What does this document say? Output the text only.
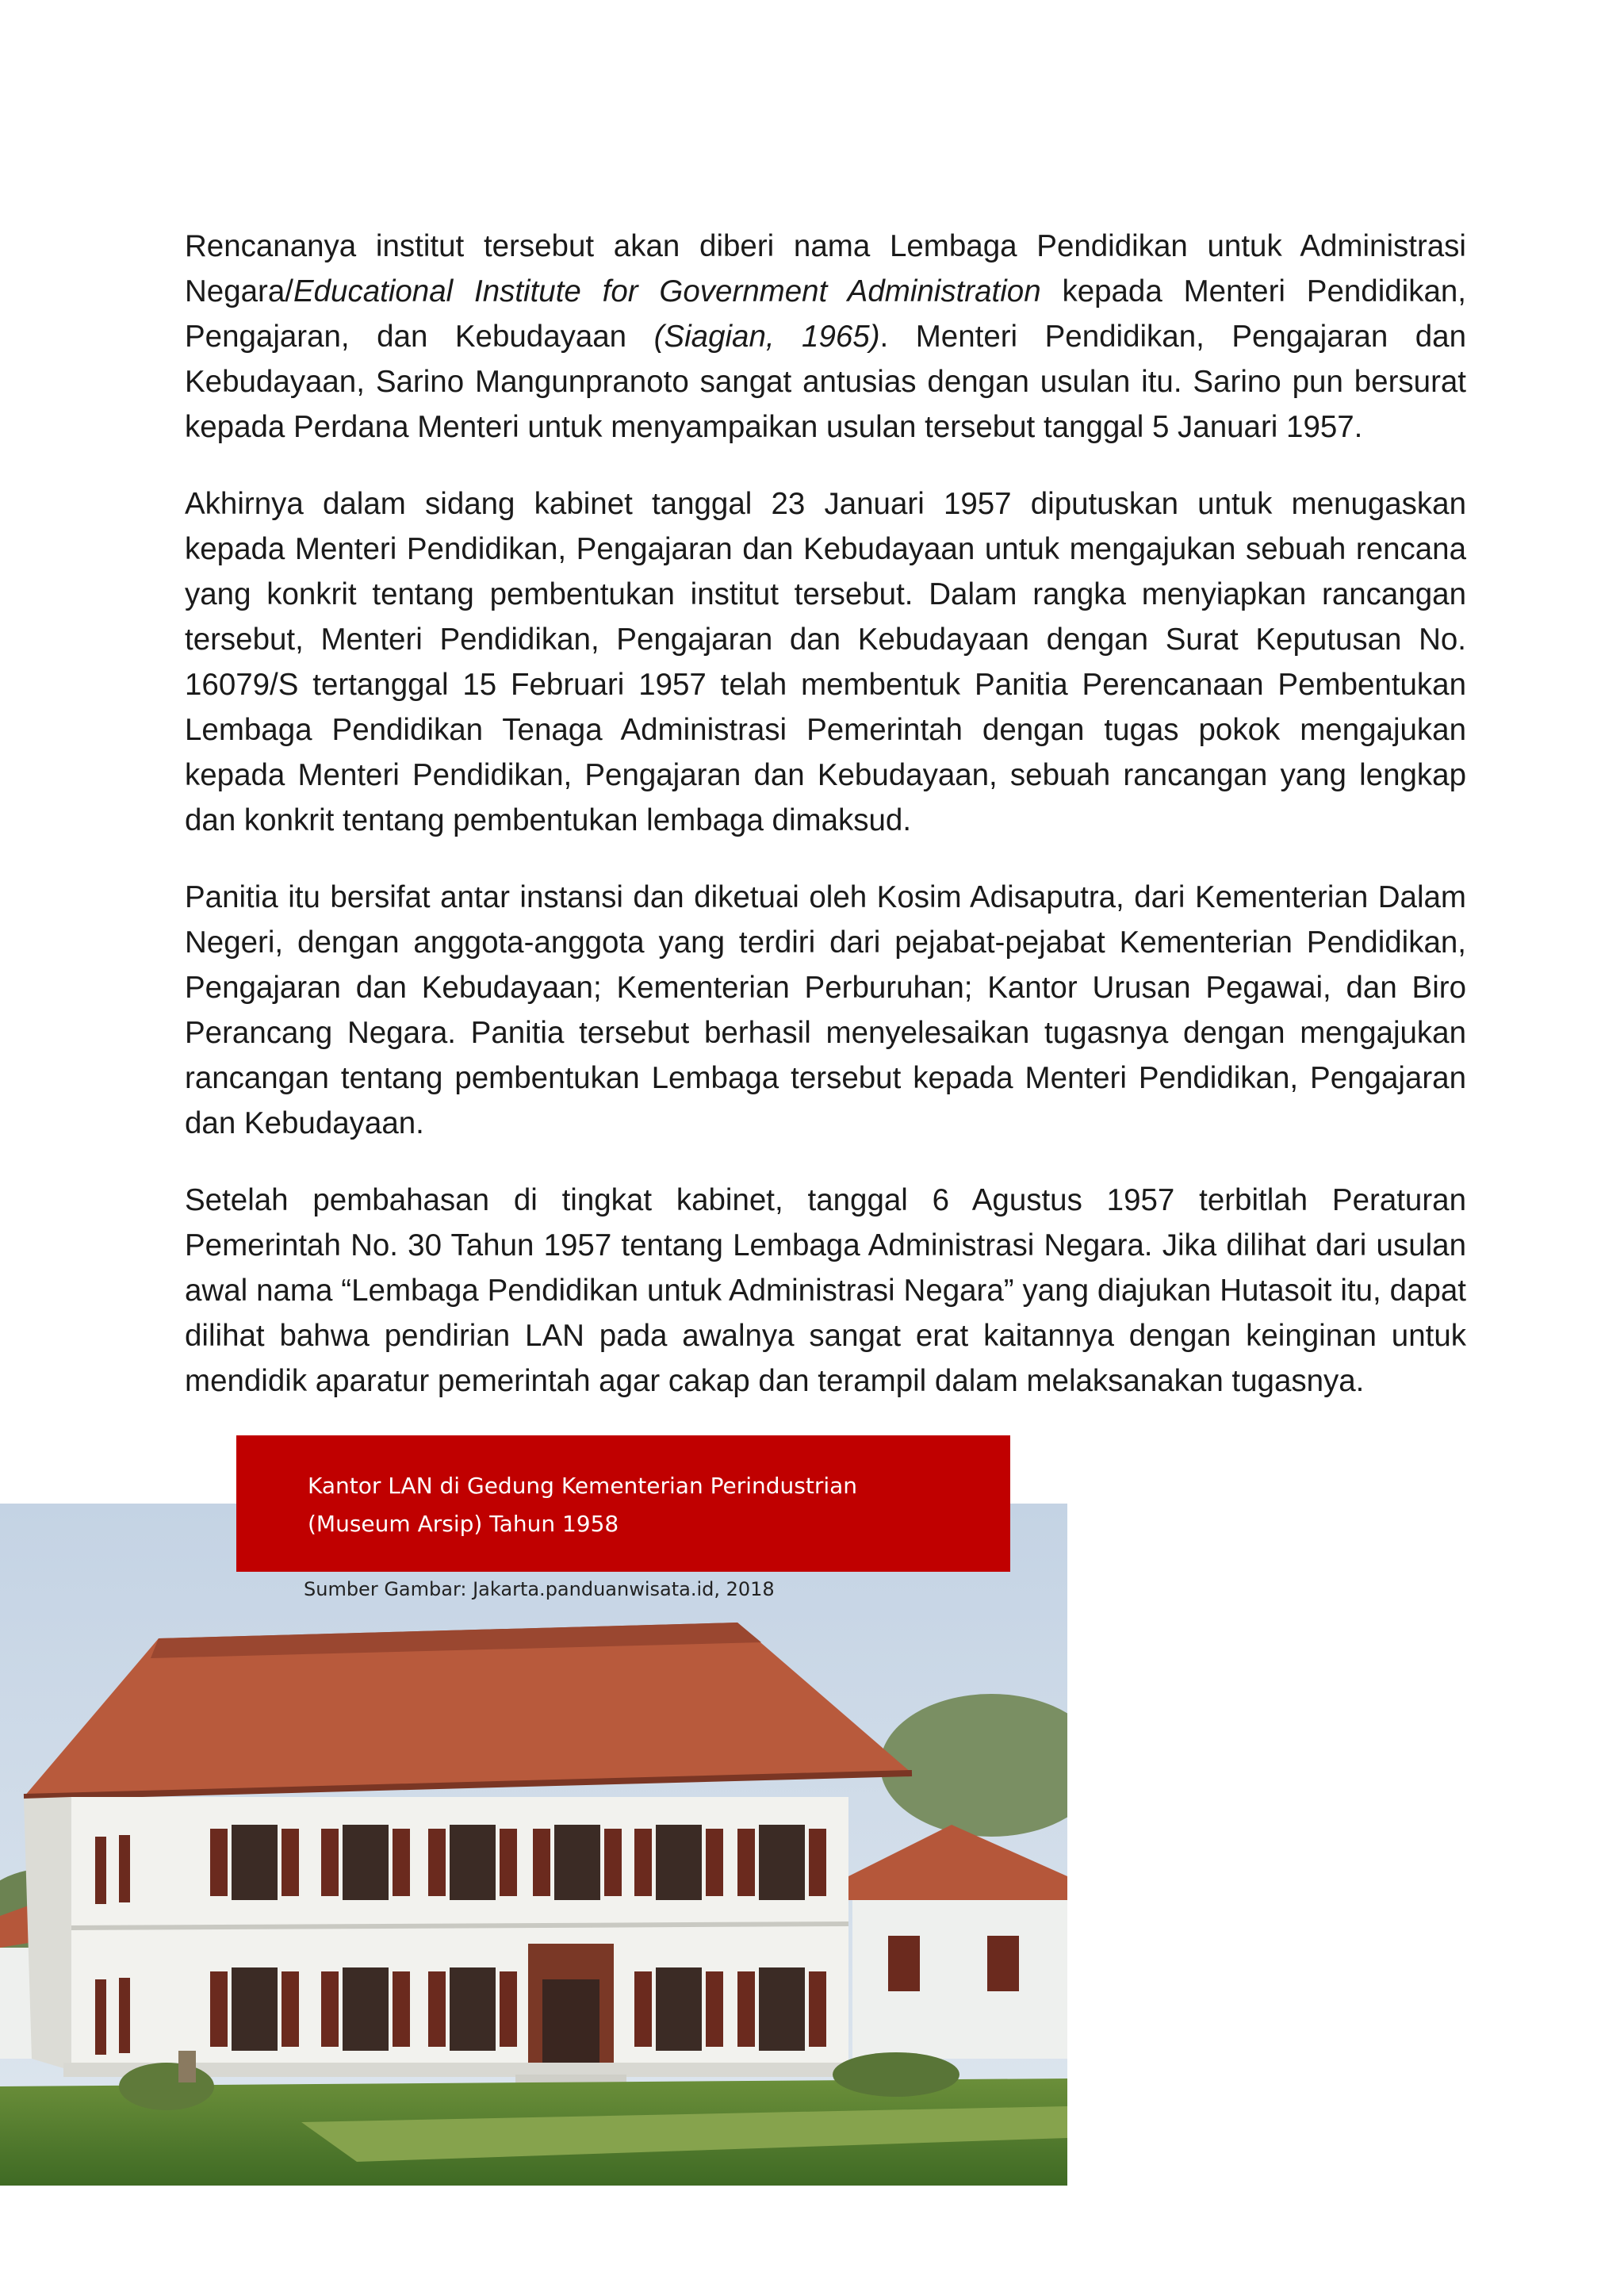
Rencananya institut tersebut akan diberi nama Lembaga Pendidikan untuk Administrasi Negara/Educational Institute for Government Administration kepada Menteri Pendidikan, Pengajaran, dan Kebudayaan (Siagian, 1965). Menteri Pendidikan, Pengajaran dan Kebudayaan, Sarino Mangunpranoto sangat antusias dengan usulan itu. Sarino pun bersurat kepada Perdana Menteri untuk menyampaikan usulan tersebut tanggal 5 Januari 1957.

Akhirnya dalam sidang kabinet tanggal 23 Januari 1957 diputuskan untuk menugaskan kepada Menteri Pendidikan, Pengajaran dan Kebudayaan untuk mengajukan sebuah rencana yang konkrit tentang pembentukan institut tersebut. Dalam rangka menyiapkan rancangan tersebut, Menteri Pendidikan, Pengajaran dan Kebudayaan dengan Surat Keputusan No. 16079/S tertanggal 15 Februari 1957 telah membentuk Panitia Perencanaan Pembentukan Lembaga Pendidikan Tenaga Administrasi Pemerintah dengan tugas pokok mengajukan kepada Menteri Pendidikan, Pengajaran dan Kebudayaan, sebuah rancangan yang lengkap dan konkrit tentang pembentukan lembaga dimaksud.

Panitia itu bersifat antar instansi dan diketuai oleh Kosim Adisaputra, dari Kementerian Dalam Negeri, dengan anggota-anggota yang terdiri dari pejabat-pejabat Kementerian Pendidikan, Pengajaran dan Kebudayaan; Kementerian Perburuhan; Kantor Urusan Pegawai, dan Biro Perancang Negara. Panitia tersebut berhasil menyelesaikan tugasnya dengan mengajukan rancangan tentang pembentukan Lembaga tersebut kepada Menteri Pendidikan, Pengajaran dan Kebudayaan.

Setelah pembahasan di tingkat kabinet, tanggal 6 Agustus 1957 terbitlah Peraturan Pemerintah No. 30 Tahun 1957 tentang Lembaga Administrasi Negara. Jika dilihat dari usulan awal nama “Lembaga Pendidikan untuk Administrasi Negara” yang diajukan Hutasoit itu, dapat dilihat bahwa pendirian LAN pada awalnya sangat erat kaitannya dengan keinginan untuk mendidik aparatur pemerintah agar cakap dan terampil dalam melaksanakan tugasnya.

Kantor LAN di Gedung Kementerian Perindustrian
(Museum Arsip) Tahun 1958
Sumber Gambar: Jakarta.panduanwisata.id, 2018
